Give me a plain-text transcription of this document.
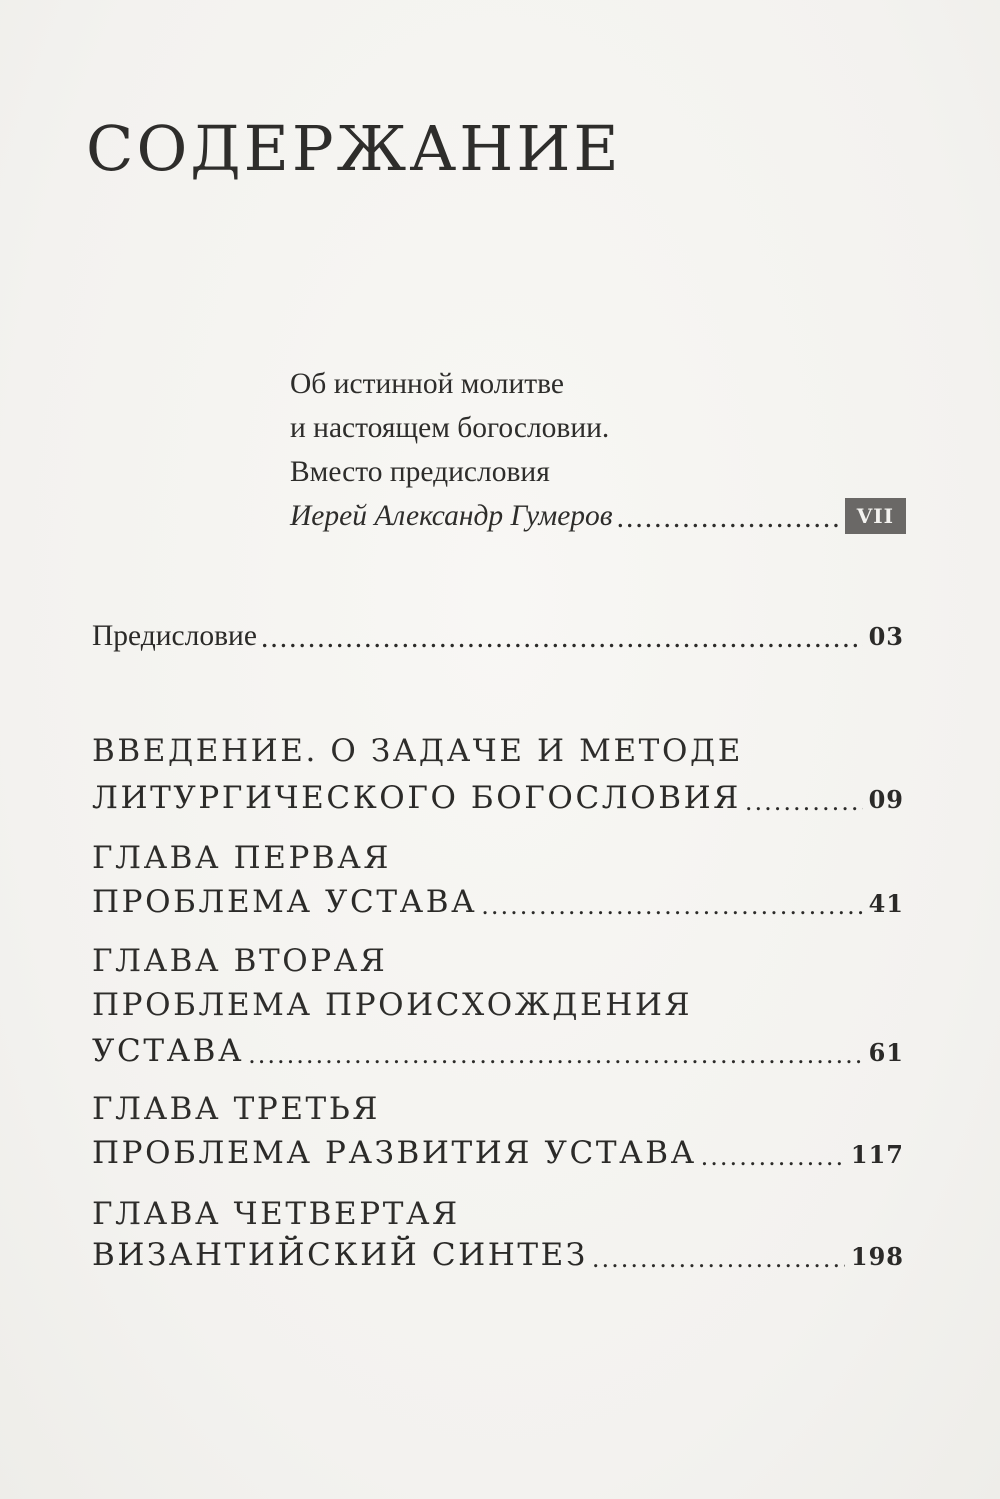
СОДЕРЖАНИЕ
Об истинной молитве
и настоящем богословии.
Вместо предисловия
Иерей Александр Гумеров .....	VII
Предисловие .....	03
ВВЕДЕНИЕ. О ЗАДАЧЕ И МЕТОДЕ
ЛИТУРГИЧЕСКОГО БОГОСЛОВИЯ .....	09
ГЛАВА ПЕРВАЯ
ПРОБЛЕМА УСТАВА .....	41
ГЛАВА ВТОРАЯ
ПРОБЛЕМА ПРОИСХОЖДЕНИЯ
УСТАВА .....	61
ГЛАВА ТРЕТЬЯ
ПРОБЛЕМА РАЗВИТИЯ УСТАВА .....	117
ГЛАВА ЧЕТВЕРТАЯ
ВИЗАНТИЙСКИЙ СИНТЕЗ .....	198
